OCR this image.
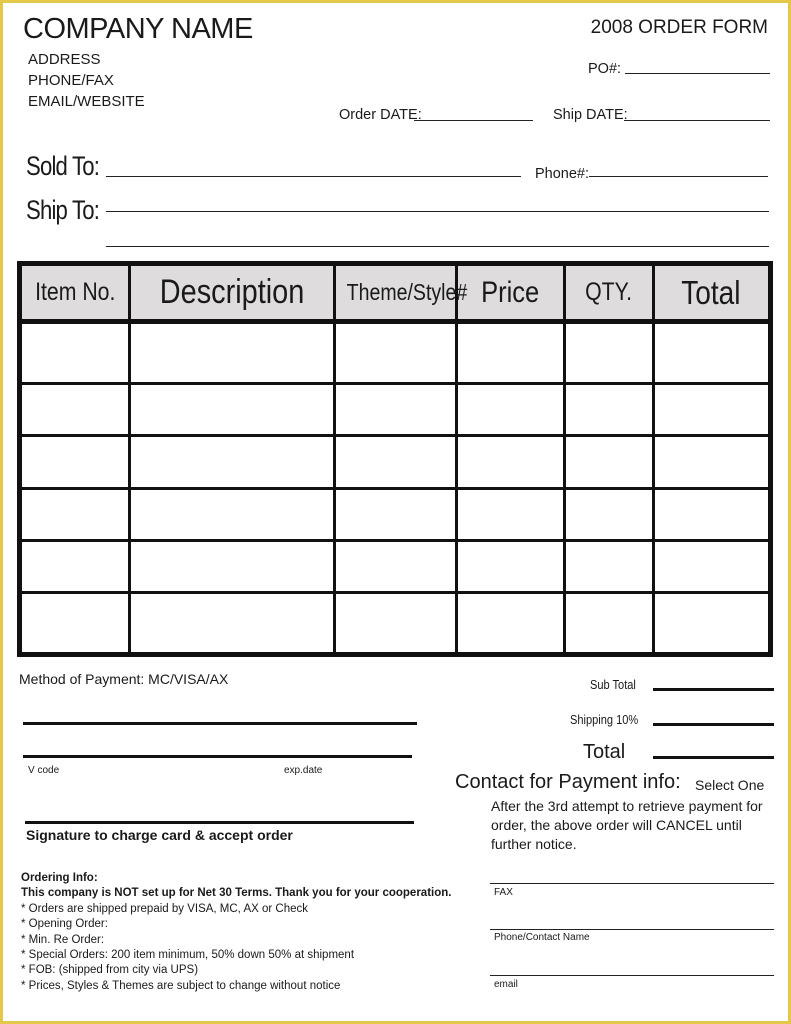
COMPANY NAME
ADDRESS
PHONE/FAX
EMAIL/WEBSITE
2008 ORDER FORM
PO#:
Order DATE:	Ship DATE:
Sold To:	Phone#:
Ship To:
Item No.	Description	Theme/Style#	Price	QTY.	Total

Method of Payment: MC/VISA/AX
V code	exp.date
Signature to charge card & accept order
Sub Total
Shipping 10%
Total
Contact for Payment info: Select One
After the 3rd attempt to retrieve payment for order, the above order will CANCEL until further notice.
FAX
Phone/Contact Name
email
Ordering Info:
This company is NOT set up for Net 30 Terms. Thank you for your cooperation.
* Orders are shipped prepaid by VISA, MC, AX or Check
* Opening Order:
* Min. Re Order:
* Special Orders: 200 item minimum, 50% down 50% at shipment
* FOB: (shipped from city via UPS)
* Prices, Styles & Themes are subject to change without notice
